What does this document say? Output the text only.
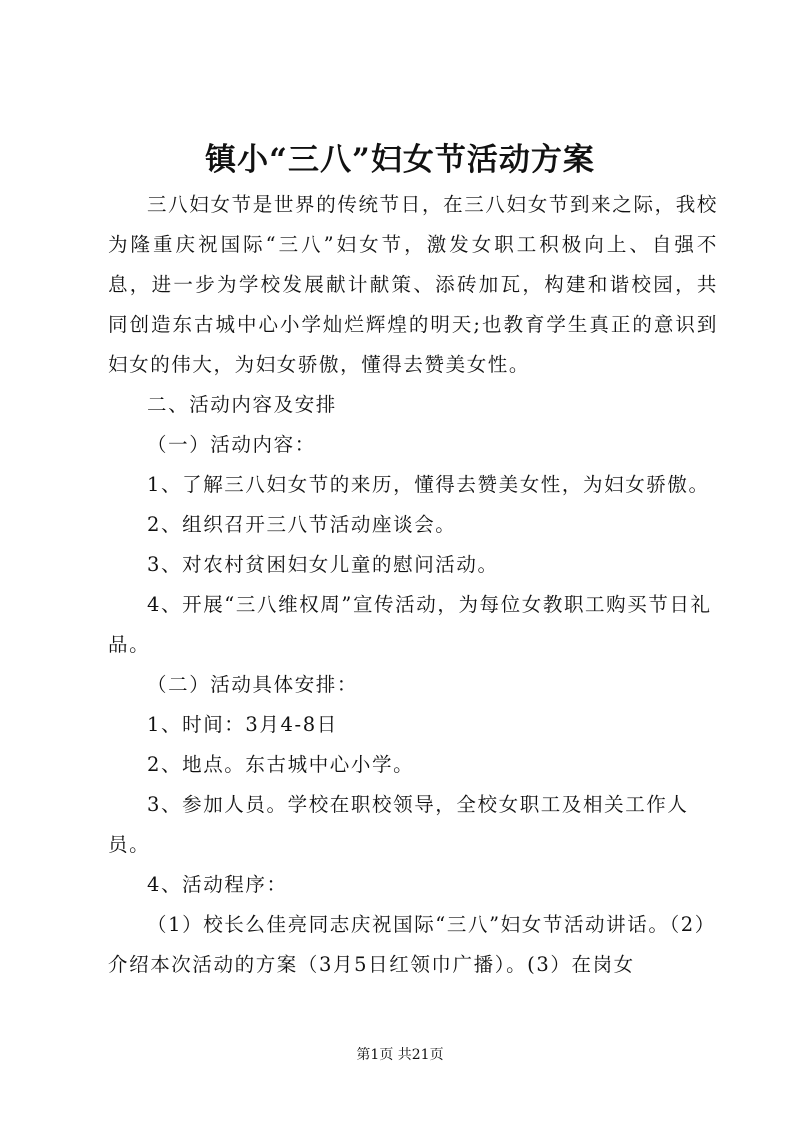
镇小“三八”妇女节活动方案

三八妇女节是世界的传统节日，在三八妇女节到来之际，我校为隆重庆祝国际“三八”妇女节，激发女职工积极向上、自强不息，进一步为学校发展献计献策、添砖加瓦，构建和谐校园，共同创造东古城中心小学灿烂辉煌的明天;也教育学生真正的意识到妇女的伟大，为妇女骄傲，懂得去赞美女性。

二、活动内容及安排

（一）活动内容：

1、了解三八妇女节的来历，懂得去赞美女性，为妇女骄傲。

2、组织召开三八节活动座谈会。

3、对农村贫困妇女儿童的慰问活动。

4、开展“三八维权周”宣传活动，为每位女教职工购买节日礼品。

（二）活动具体安排：

1、时间：3月4-8日

2、地点。东古城中心小学。

3、参加人员。学校在职校领导，全校女职工及相关工作人员。

4、活动程序：

（1）校长么佳亮同志庆祝国际“三八”妇女节活动讲话。（2）介绍本次活动的方案（3月5日红领巾广播）。(3）在岗女

第1页 共21页
